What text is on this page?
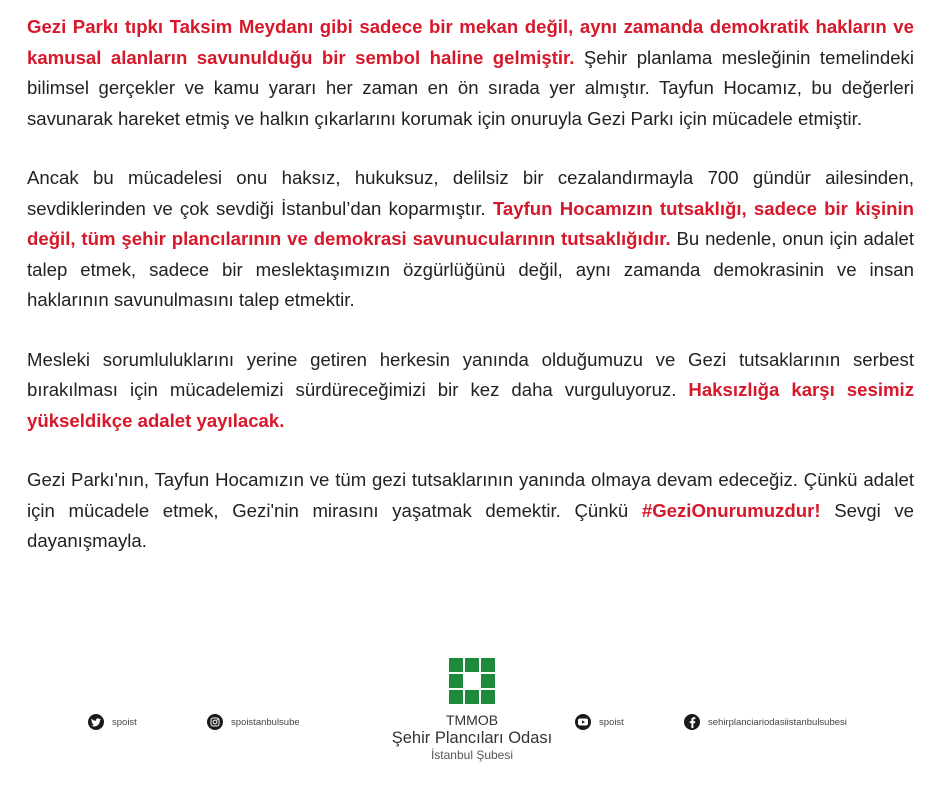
Gezi Parkı tıpkı Taksim Meydanı gibi sadece bir mekan değil, aynı zamanda demokratik hakların ve kamusal alanların savunulduğu bir sembol haline gelmiştir. Şehir planlama mesleğinin temelindeki bilimsel gerçekler ve kamu yararı her zaman en ön sırada yer almıştır. Tayfun Hocamız, bu değerleri savunarak hareket etmiş ve halkın çıkarlarını korumak için onuruyla Gezi Parkı için mücadele etmiştir.

Ancak bu mücadelesi onu haksız, hukuksuz, delilsiz bir cezalandırmayla 700 gündür ailesinden, sevdiklerinden ve çok sevdiği İstanbul’dan koparmıştır. Tayfun Hocamızın tutsaklığı, sadece bir kişinin değil, tüm şehir plancılarının ve demokrasi savunucularının tutsaklığıdır. Bu nedenle, onun için adalet talep etmek, sadece bir meslektaşımızın özgürlüğünü değil, aynı zamanda demokrasinin ve insan haklarının savunulmasını talep etmektir.

Mesleki sorumluluklarını yerine getiren herkesin yanında olduğumuzu ve Gezi tutsaklarının serbest bırakılması için mücadelemizi sürdüreceğimizi bir kez daha vurguluyoruz. Haksızlığa karşı sesimiz yükseldikçe adalet yayılacak.

Gezi Parkı'nın, Tayfun Hocamızın ve tüm gezi tutsaklarının yanında olmaya devam edeceğiz. Çünkü adalet için mücadele etmek, Gezi'nin mirasını yaşatmak demektir. Çünkü #GeziOnurumuzdur! Sevgi ve dayanışmayla.

spoist	spoistanbulsube	TMMOB
Şehir Plancıları Odası
İstanbul Şubesi
spoist	sehirplanciariodasiistanbulsubesi
